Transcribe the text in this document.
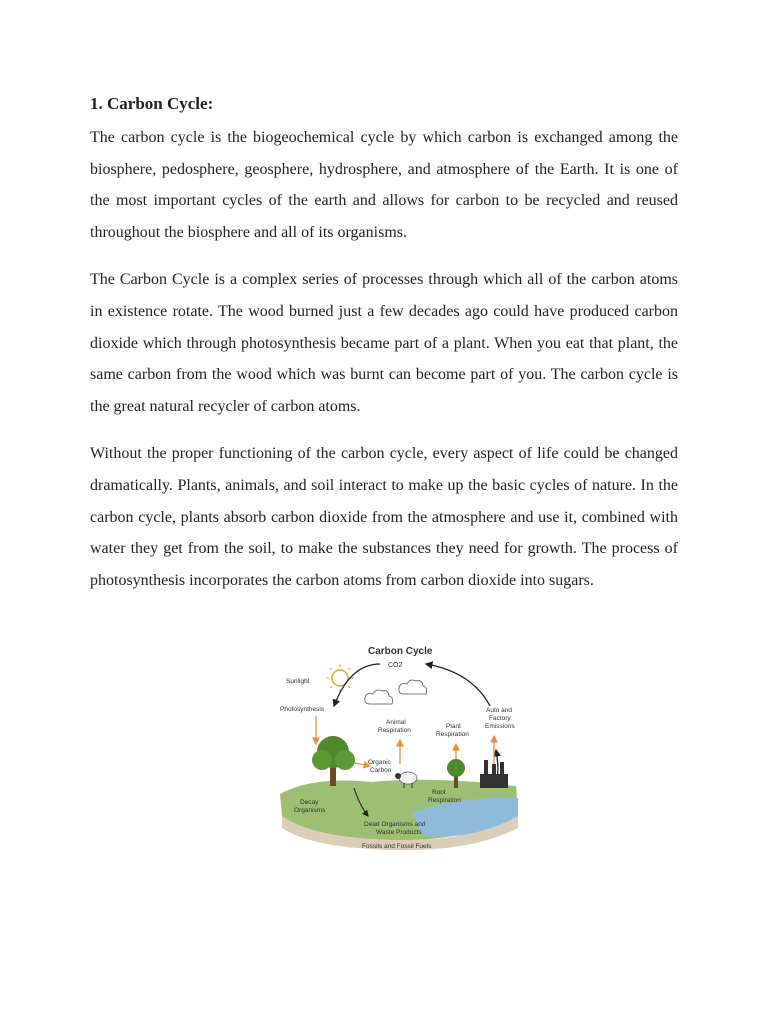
1. Carbon Cycle:

The carbon cycle is the biogeochemical cycle by which carbon is exchanged among the biosphere, pedosphere, geosphere, hydrosphere, and atmosphere of the Earth. It is one of the most important cycles of the earth and allows for carbon to be recycled and reused throughout the biosphere and all of its organisms.

The Carbon Cycle is a complex series of processes through which all of the carbon atoms in existence rotate. The wood burned just a few decades ago could have produced carbon dioxide which through photosynthesis became part of a plant. When you eat that plant, the same carbon from the wood which was burnt can become part of you. The carbon cycle is the great natural recycler of carbon atoms.

Without the proper functioning of the carbon cycle, every aspect of life could be changed dramatically. Plants, animals, and soil interact to make up the basic cycles of nature. In the carbon cycle, plants absorb carbon dioxide from the atmosphere and use it, combined with water they get from the soil, to make the substances they need for growth. The process of photosynthesis incorporates the carbon atoms from carbon dioxide into sugars.

Carbon Cycle
CO2
Sunlight
Photosynthesis	Auto and
Factory
Emissions
Animal
Respiration
Plant
Respiration
Organic
Carbon
Root
Respiration
Decay
Organisms
Dead Organisms and
Waste Products
Fossils and Fossil Fuels
